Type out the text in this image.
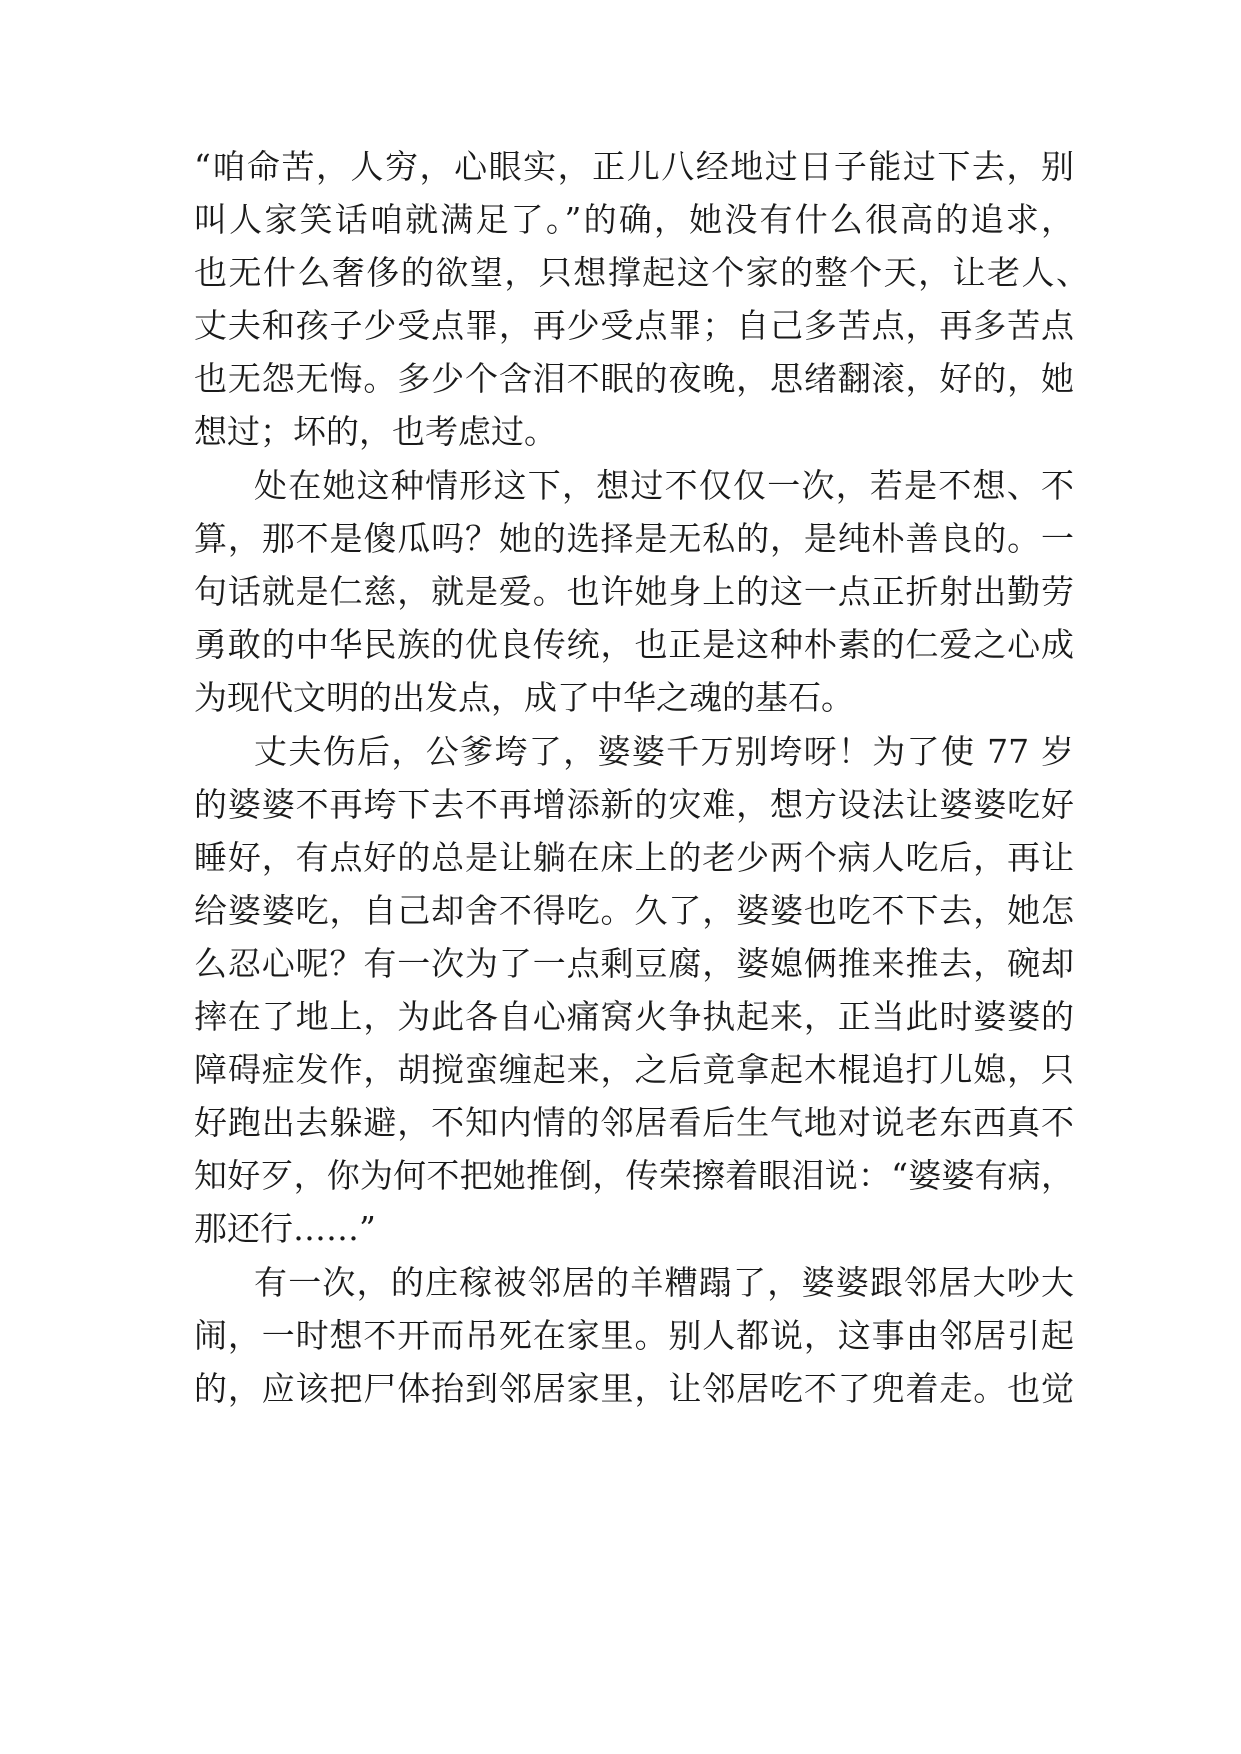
“咱命苦，人穷，心眼实，正儿八经地过日子能过下去，别
叫人家笑话咱就满足了。”的确，她没有什么很高的追求，
也无什么奢侈的欲望，只想撑起这个家的整个天，让老人、
丈夫和孩子少受点罪，再少受点罪；自己多苦点，再多苦点
也无怨无悔。多少个含泪不眠的夜晚，思绪翻滚，好的，她
想过；坏的，也考虑过。
处在她这种情形这下，想过不仅仅一次，若是不想、不
算，那不是傻瓜吗？她的选择是无私的，是纯朴善良的。一
句话就是仁慈，就是爱。也许她身上的这一点正折射出勤劳
勇敢的中华民族的优良传统，也正是这种朴素的仁爱之心成
为现代文明的出发点，成了中华之魂的基石。
丈夫伤后，公爹垮了，婆婆千万别垮呀！为了使 77 岁
的婆婆不再垮下去不再增添新的灾难，想方设法让婆婆吃好
睡好，有点好的总是让躺在床上的老少两个病人吃后，再让
给婆婆吃，自己却舍不得吃。久了，婆婆也吃不下去，她怎
么忍心呢？有一次为了一点剩豆腐，婆媳俩推来推去，碗却
摔在了地上，为此各自心痛窝火争执起来，正当此时婆婆的
障碍症发作，胡搅蛮缠起来，之后竟拿起木棍追打儿媳，只
好跑出去躲避，不知内情的邻居看后生气地对说老东西真不
知好歹，你为何不把她推倒，传荣擦着眼泪说：“婆婆有病，
那还行……”
有一次，的庄稼被邻居的羊糟蹋了，婆婆跟邻居大吵大
闹，一时想不开而吊死在家里。别人都说，这事由邻居引起
的，应该把尸体抬到邻居家里，让邻居吃不了兜着走。也觉
